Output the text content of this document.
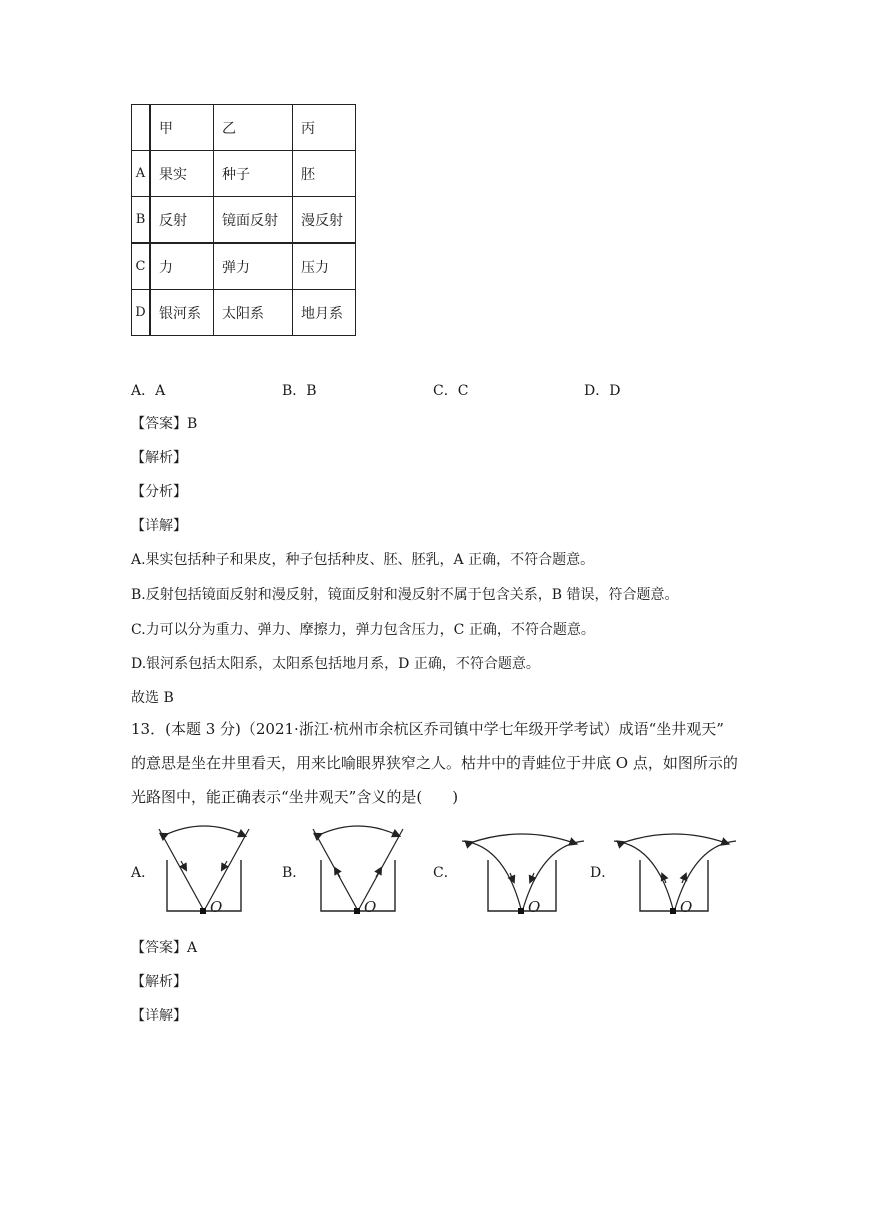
	甲	乙	丙
A	果实	种子	胚
B	反射	镜面反射	漫反射
C	力	弹力	压力
D	银河系	太阳系	地月系
A．A	B．B	C．C	D．D
【答案】B
【解析】
【分析】
【详解】
A.果实包括种子和果皮，种子包括种皮、胚、胚乳，A 正确，不符合题意。
B.反射包括镜面反射和漫反射，镜面反射和漫反射不属于包含关系，B 错误，符合题意。
C.力可以分为重力、弹力、摩擦力，弹力包含压力，C 正确，不符合题意。
D.银河系包括太阳系，太阳系包括地月系，D 正确，不符合题意。
故选 B
13．(本题 3 分)（2021·浙江·杭州市余杭区乔司镇中学七年级开学考试）成语“坐井观天”
的意思是坐在井里看天，用来比喻眼界狭窄之人。枯井中的青蛙位于井底 O 点，如图所示的
光路图中，能正确表示“坐井观天”含义的是(　　)
A．	B．	C．	D．
O	O	O	O
【答案】A
【解析】
【详解】
